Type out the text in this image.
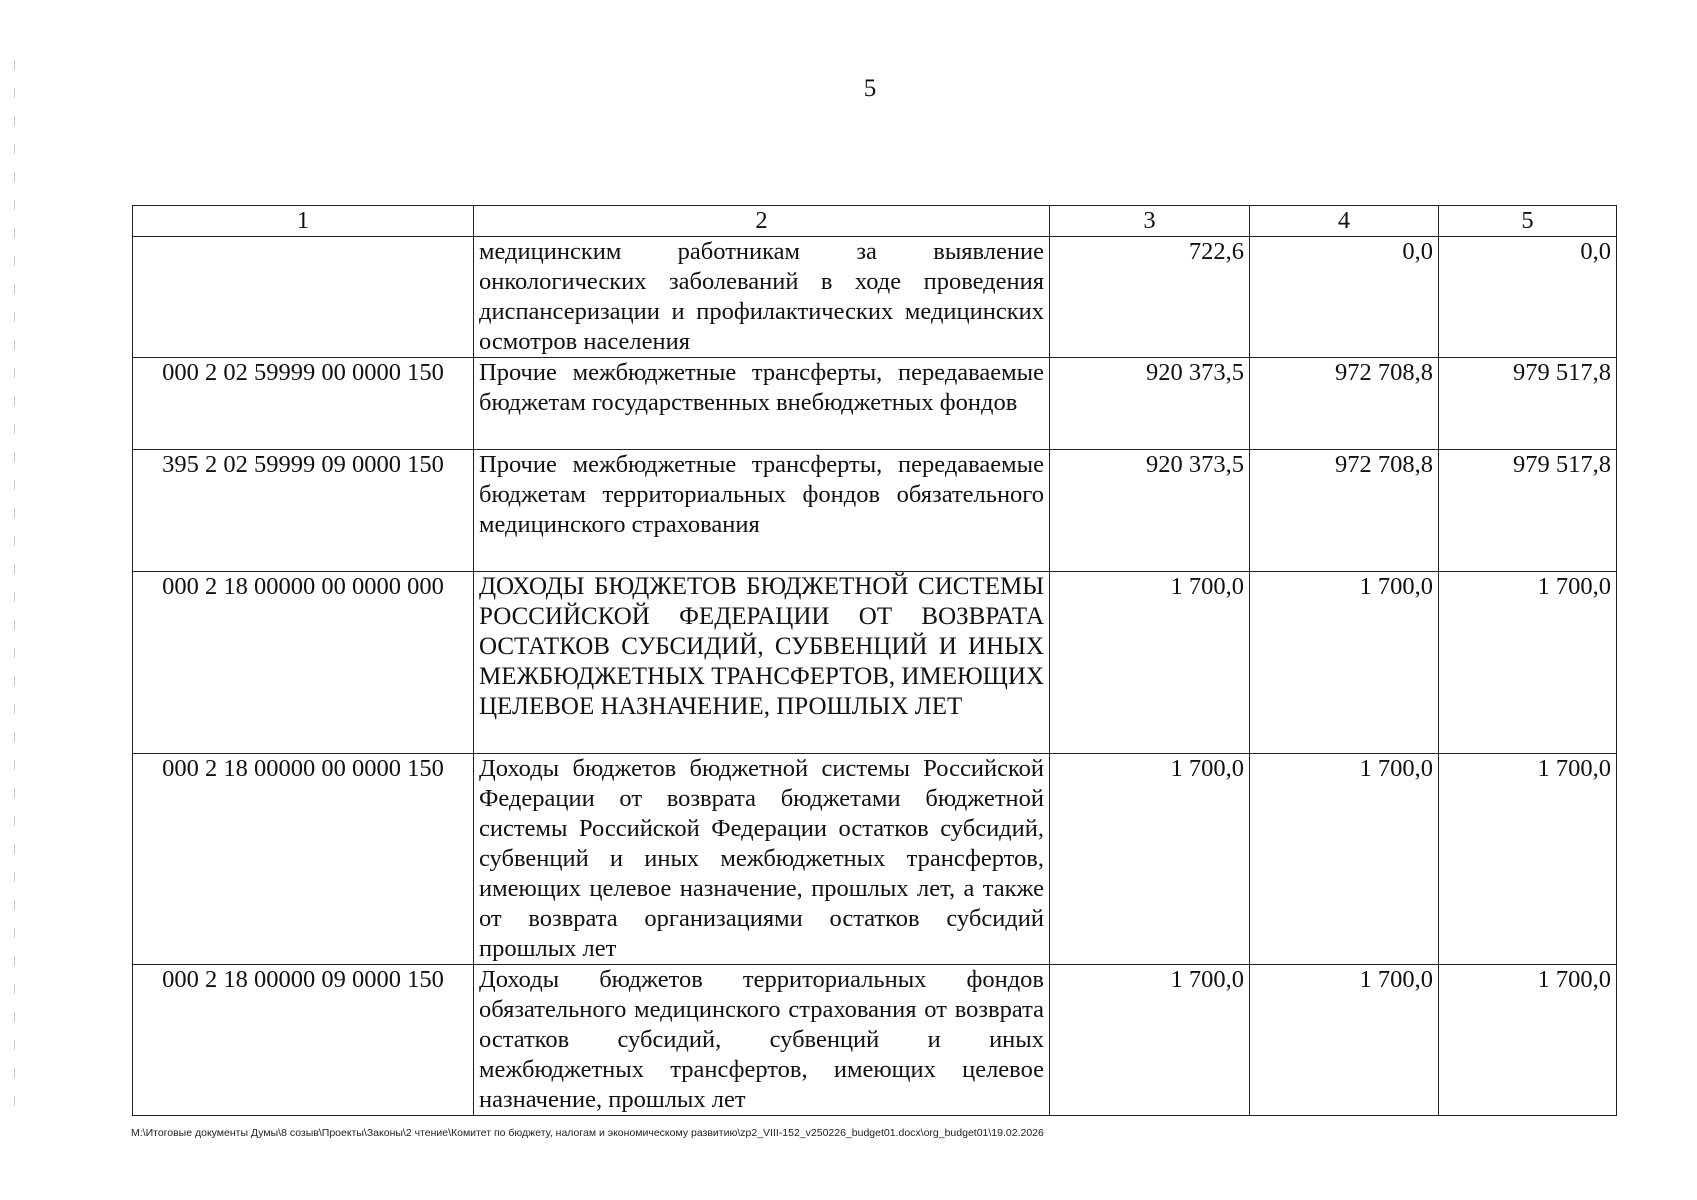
5
1	2	3	4	5
	медицинским работникам за выявление онкологических заболеваний в ходе проведения диспансеризации и профилактических медицинских осмотров населения	722,6	0,0	0,0
000 2 02 59999 00 0000 150	Прочие межбюджетные трансферты, передаваемые бюджетам государственных внебюджетных фондов	920 373,5	972 708,8	979 517,8
395 2 02 59999 09 0000 150	Прочие межбюджетные трансферты, передаваемые бюджетам территориальных фондов обязательного медицинского страхования	920 373,5	972 708,8	979 517,8
000 2 18 00000 00 0000 000	ДОХОДЫ БЮДЖЕТОВ БЮДЖЕТНОЙ СИСТЕМЫ РОССИЙСКОЙ ФЕДЕРАЦИИ ОТ ВОЗВРАТА ОСТАТКОВ СУБСИДИЙ, СУБВЕНЦИЙ И ИНЫХ МЕЖБЮДЖЕТНЫХ ТРАНСФЕРТОВ, ИМЕЮЩИХ ЦЕЛЕВОЕ НАЗНАЧЕНИЕ, ПРОШЛЫХ ЛЕТ	1 700,0	1 700,0	1 700,0
000 2 18 00000 00 0000 150	Доходы бюджетов бюджетной системы Российской Федерации от возврата бюджетами бюджетной системы Российской Федерации остатков субсидий, субвенций и иных межбюджетных трансфертов, имеющих целевое назначение, прошлых лет, а также от возврата организациями остатков субсидий прошлых лет	1 700,0	1 700,0	1 700,0
000 2 18 00000 09 0000 150	Доходы бюджетов территориальных фондов обязательного медицинского страхования от возврата остатков субсидий, субвенций и иных межбюджетных трансфертов, имеющих целевое назначение, прошлых лет	1 700,0	1 700,0	1 700,0
M:\Итоговые документы Думы\8 созыв\Проекты\Законы\2 чтение\Комитет по бюджету, налогам и экономическому развитию\zp2_VIII-152_v250226_budget01.docx\org_budget01\19.02.2026
